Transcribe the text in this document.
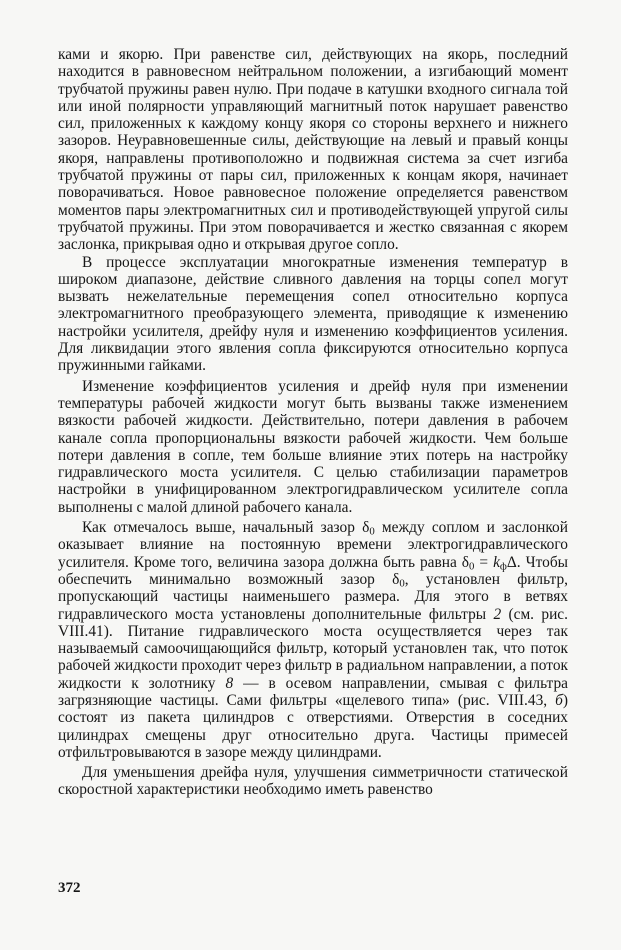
ками и якорю. При равенстве сил, действующих на якорь, последний находится в равновесном нейтральном положении, а изгибающий момент трубчатой пружины равен нулю. При подаче в катушки входного сигнала той или иной полярности управляющий магнитный поток нарушает равенство сил, приложенных к каждому концу якоря со стороны верхнего и нижнего зазоров. Неуравновешенные силы, действующие на левый и правый концы якоря, направлены противоположно и подвижная система за счет изгиба трубчатой пружины от пары сил, приложенных к концам якоря, начинает поворачиваться. Новое равновесное положение определяется равенством моментов пары электромагнитных сил и противодействующей упругой силы трубчатой пружины. При этом поворачивается и жестко связанная с якорем заслонка, прикрывая одно и открывая другое сопло.

В процессе эксплуатации многократные изменения температур в широком диапазоне, действие сливного давления на торцы сопел могут вызвать нежелательные перемещения сопел относительно корпуса электромагнитного преобразующего элемента, приводящие к изменению настройки усилителя, дрейфу нуля и изменению коэффициентов усиления. Для ликвидации этого явления сопла фиксируются относительно корпуса пружинными гайками.

Изменение коэффициентов усиления и дрейф нуля при изменении температуры рабочей жидкости могут быть вызваны также изменением вязкости рабочей жидкости. Действительно, потери давления в рабочем канале сопла пропорциональны вязкости рабочей жидкости. Чем больше потери давления в сопле, тем больше влияние этих потерь на настройку гидравлического моста усилителя. С целью стабилизации параметров настройки в унифицированном электрогидравлическом усилителе сопла выполнены с малой длиной рабочего канала.

Как отмечалось выше, начальный зазор $\delta_0$ между соплом и заслонкой оказывает влияние на постоянную времени электрогидравлического усилителя. Кроме того, величина зазора должна быть равна $\delta_0 = k_ф\Delta$. Чтобы обеспечить минимально возможный зазор $\delta_0$, установлен фильтр, пропускающий частицы наименьшего размера. Для этого в ветвях гидравлического моста установлены дополнительные фильтры 2 (см. рис. VIII.41). Питание гидравлического моста осуществляется через так называемый самоочищающийся фильтр, который установлен так, что поток рабочей жидкости проходит через фильтр в радиальном направлении, а поток жидкости к золотнику 8 — в осевом направлении, смывая с фильтра загрязняющие частицы. Сами фильтры «щелевого типа» (рис. VIII.43, б) состоят из пакета цилиндров с отверстиями. Отверстия в соседних цилиндрах смещены друг относительно друга. Частицы примесей отфильтровываются в зазоре между цилиндрами.

Для уменьшения дрейфа нуля, улучшения симметричности статической скоростной характеристики необходимо иметь равенство

372
